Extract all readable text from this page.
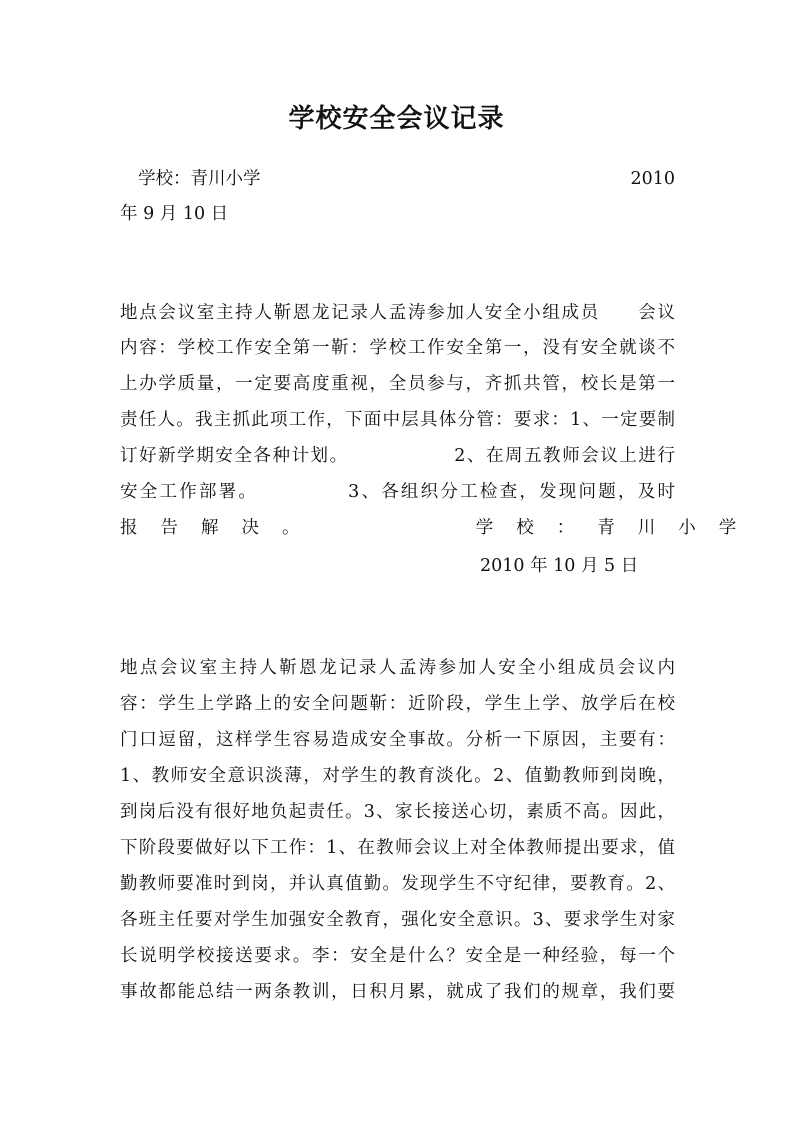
学校安全会议记录
学校：青川小学	2010
年 9 月 10 日
地点会议室主持人靳恩龙记录人孟涛参加人安全小组成员　　会议
内容：学校工作安全第一靳：学校工作安全第一，没有安全就谈不
上办学质量，一定要高度重视，全员参与，齐抓共管，校长是第一
责任人。我主抓此项工作，下面中层具体分管：要求：1、一定要制
订好新学期安全各种计划。　　　　　　2、在周五教师会议上进行
安全工作部署。　　　　　3、各组织分工检查，发现问题，及时
报告解决。　　　　学校：青川小学
2010 年 10 月 5 日
地点会议室主持人靳恩龙记录人孟涛参加人安全小组成员会议内
容：学生上学路上的安全问题靳：近阶段，学生上学、放学后在校
门口逗留，这样学生容易造成安全事故。分析一下原因，主要有：
1、教师安全意识淡薄，对学生的教育淡化。2、值勤教师到岗晚，
到岗后没有很好地负起责任。3、家长接送心切，素质不高。因此，
下阶段要做好以下工作：1、在教师会议上对全体教师提出要求，值
勤教师要准时到岗，并认真值勤。发现学生不守纪律，要教育。2、
各班主任要对学生加强安全教育，强化安全意识。3、要求学生对家
长说明学校接送要求。李：安全是什么？安全是一种经验，每一个
事故都能总结一两条教训，日积月累，就成了我们的规章，我们要
